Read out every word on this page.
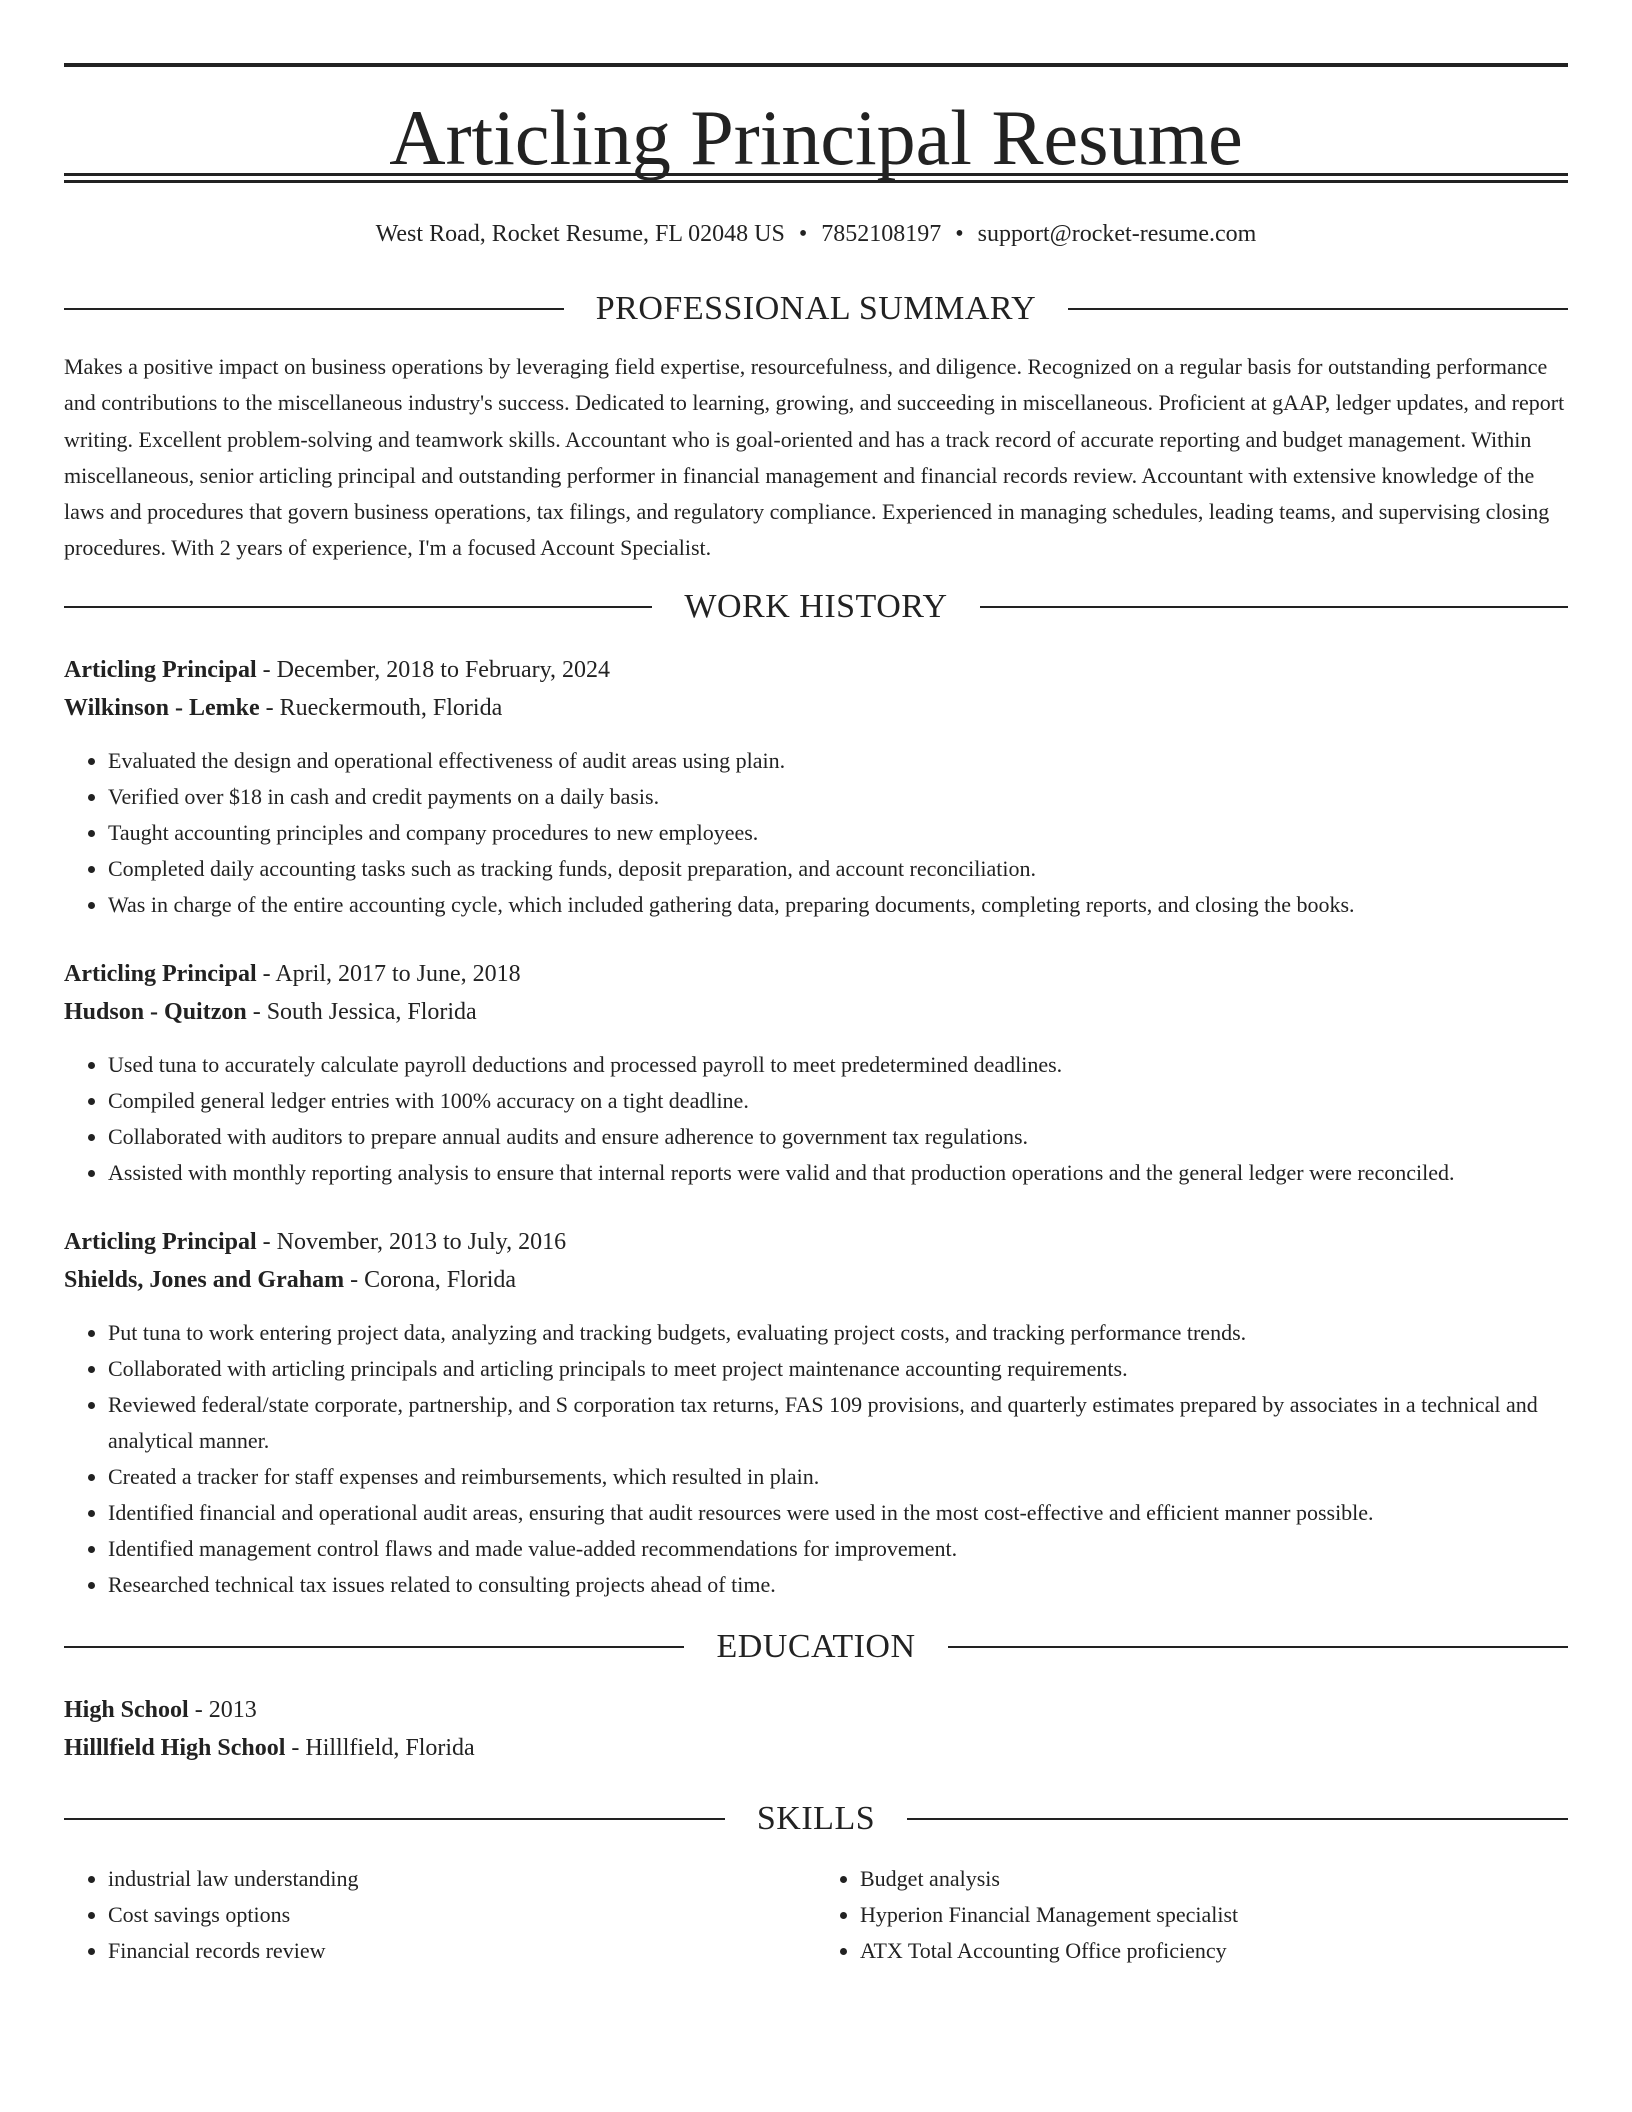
Articling Principal Resume
West Road, Rocket Resume, FL 02048 US • 7852108197 • support@rocket-resume.com
PROFESSIONAL SUMMARY

Makes a positive impact on business operations by leveraging field expertise, resourcefulness, and diligence. Recognized on a regular basis for outstanding performance and contributions to the miscellaneous industry's success. Dedicated to learning, growing, and succeeding in miscellaneous. Proficient at gAAP, ledger updates, and report writing. Excellent problem-solving and teamwork skills. Accountant who is goal-oriented and has a track record of accurate reporting and budget management. Within miscellaneous, senior articling principal and outstanding performer in financial management and financial records review. Accountant with extensive knowledge of the laws and procedures that govern business operations, tax filings, and regulatory compliance. Experienced in managing schedules, leading teams, and supervising closing procedures. With 2 years of experience, I'm a focused Account Specialist.

WORK HISTORY
Articling Principal - December, 2018 to February, 2024
Wilkinson - Lemke - Rueckermouth, Florida
• Evaluated the design and operational effectiveness of audit areas using plain.
• Verified over $18 in cash and credit payments on a daily basis.
• Taught accounting principles and company procedures to new employees.
• Completed daily accounting tasks such as tracking funds, deposit preparation, and account reconciliation.
• Was in charge of the entire accounting cycle, which included gathering data, preparing documents, completing reports, and closing the books.
Articling Principal - April, 2017 to June, 2018
Hudson - Quitzon - South Jessica, Florida
• Used tuna to accurately calculate payroll deductions and processed payroll to meet predetermined deadlines.
• Compiled general ledger entries with 100% accuracy on a tight deadline.
• Collaborated with auditors to prepare annual audits and ensure adherence to government tax regulations.
• Assisted with monthly reporting analysis to ensure that internal reports were valid and that production operations and the general ledger were reconciled.
Articling Principal - November, 2013 to July, 2016
Shields, Jones and Graham - Corona, Florida
• Put tuna to work entering project data, analyzing and tracking budgets, evaluating project costs, and tracking performance trends.
• Collaborated with articling principals and articling principals to meet project maintenance accounting requirements.
• Reviewed federal/state corporate, partnership, and S corporation tax returns, FAS 109 provisions, and quarterly estimates prepared by associates in a technical and analytical manner.
• Created a tracker for staff expenses and reimbursements, which resulted in plain.
• Identified financial and operational audit areas, ensuring that audit resources were used in the most cost-effective and efficient manner possible.
• Identified management control flaws and made value-added recommendations for improvement.
• Researched technical tax issues related to consulting projects ahead of time.
EDUCATION
High School - 2013
Hilllfield High School - Hilllfield, Florida
SKILLS
• industrial law understanding
• Cost savings options
• Financial records review
• Budget analysis
• Hyperion Financial Management specialist
• ATX Total Accounting Office proficiency
